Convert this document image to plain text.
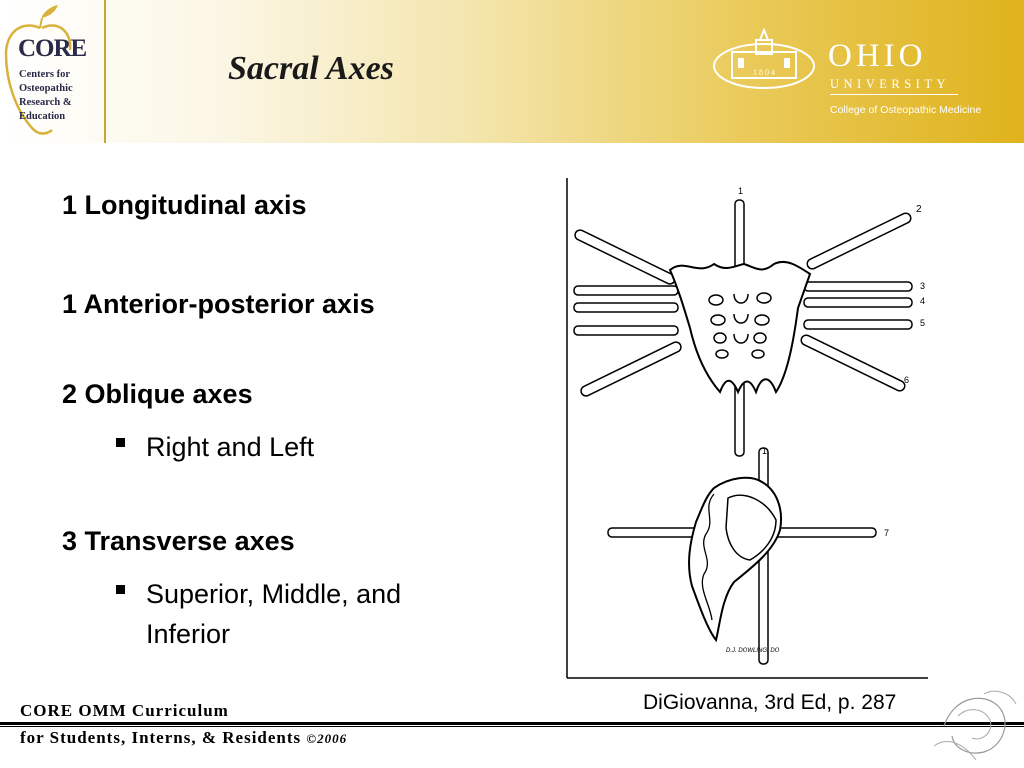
CORE
Centers for
Osteopathic
Research &
Education
Sacral Axes	1 8 0 4 OHIO
UNIVERSITY
College of Osteopathic Medicine
1 Longitudinal axis
1 Anterior-posterior axis
2 Oblique axes
Right and Left
3 Transverse axes
Superior, Middle, and Inferior
1
2
3
4
5
6
1
7
D.J. DOWLING, DO
DiGiovanna, 3rd Ed, p. 287
CORE OMM Curriculum
for Students, Interns, & Residents ©2006
